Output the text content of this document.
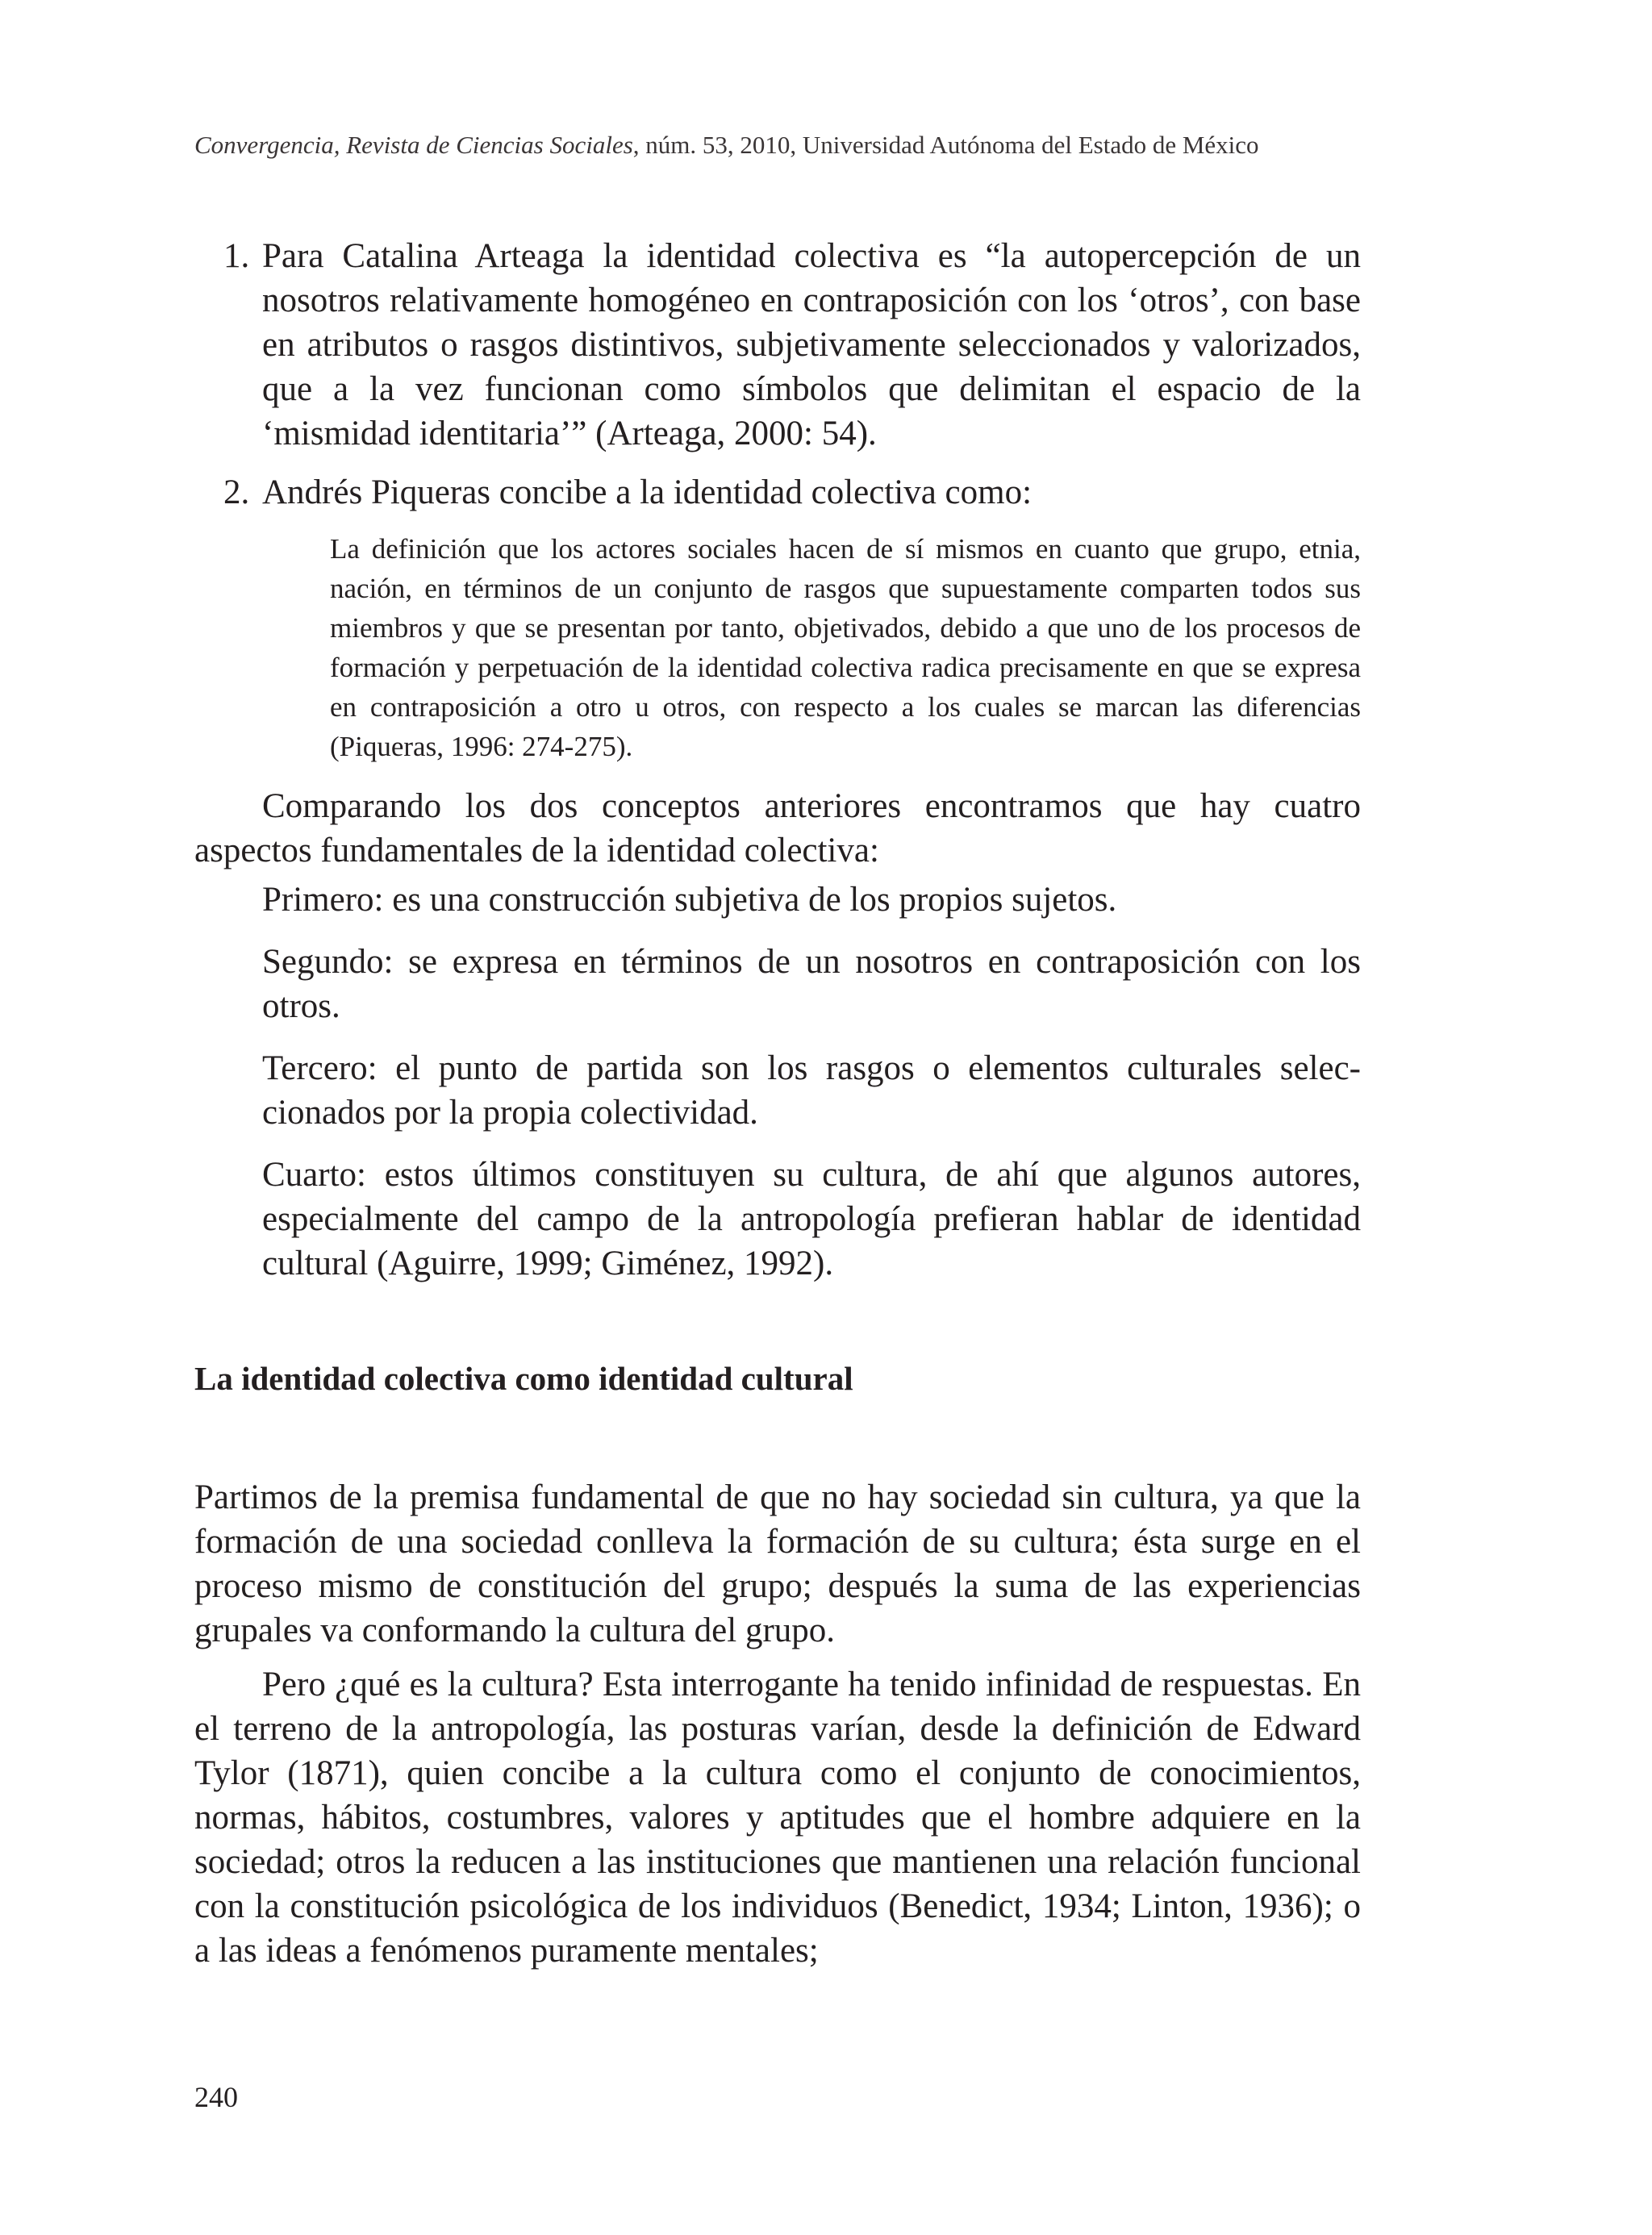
Convergencia, Revista de Ciencias Sociales, núm. 53, 2010, Universidad Autónoma del Estado de México
1. Para Catalina Arteaga la identidad colectiva es “la autopercepción de un nosotros relativamente homogéneo en contraposición con los ‘otros’, con base en atributos o rasgos distintivos, subjetivamente seleccionados y valorizados, que a la vez funcionan como símbolos que delimitan el espacio de la ‘mismidad identitaria’” (Arteaga, 2000: 54).
2. Andrés Piqueras concibe a la identidad colectiva como:

La definición que los actores sociales hacen de sí mismos en cuanto que grupo, etnia, nación, en términos de un conjunto de rasgos que supuestamente comparten todos sus miembros y que se presentan por tanto, objetivados, debido a que uno de los procesos de formación y perpetuación de la identidad colectiva radica precisamente en que se expresa en contraposición a otro u otros, con respecto a los cuales se marcan las diferencias (Piqueras, 1996: 274-275).

Comparando los dos conceptos anteriores encontramos que hay cuatro aspectos fundamentales de la identidad colectiva:

Primero: es una construcción subjetiva de los propios sujetos.

Segundo: se expresa en términos de un nosotros en contraposición con los otros.

Tercero: el punto de partida son los rasgos o elementos culturales seleccionados por la propia colectividad.

Cuarto: estos últimos constituyen su cultura, de ahí que algunos autores, especialmente del campo de la antropología prefieran hablar de identidad cultural (Aguirre, 1999; Giménez, 1992).

La identidad colectiva como identidad cultural

Partimos de la premisa fundamental de que no hay sociedad sin cultura, ya que la formación de una sociedad conlleva la formación de su cultura; ésta surge en el proceso mismo de constitución del grupo; después la suma de las experiencias grupales va conformando la cultura del grupo.

Pero ¿qué es la cultura? Esta interrogante ha tenido infinidad de respuestas. En el terreno de la antropología, las posturas varían, desde la definición de Edward Tylor (1871), quien concibe a la cultura como el conjunto de conocimientos, normas, hábitos, costumbres, valores y aptitudes que el hombre adquiere en la sociedad; otros la reducen a las instituciones que mantienen una relación funcional con la constitución psicológica de los individuos (Benedict, 1934; Linton, 1936); o a las ideas a fenómenos puramente mentales;

240
